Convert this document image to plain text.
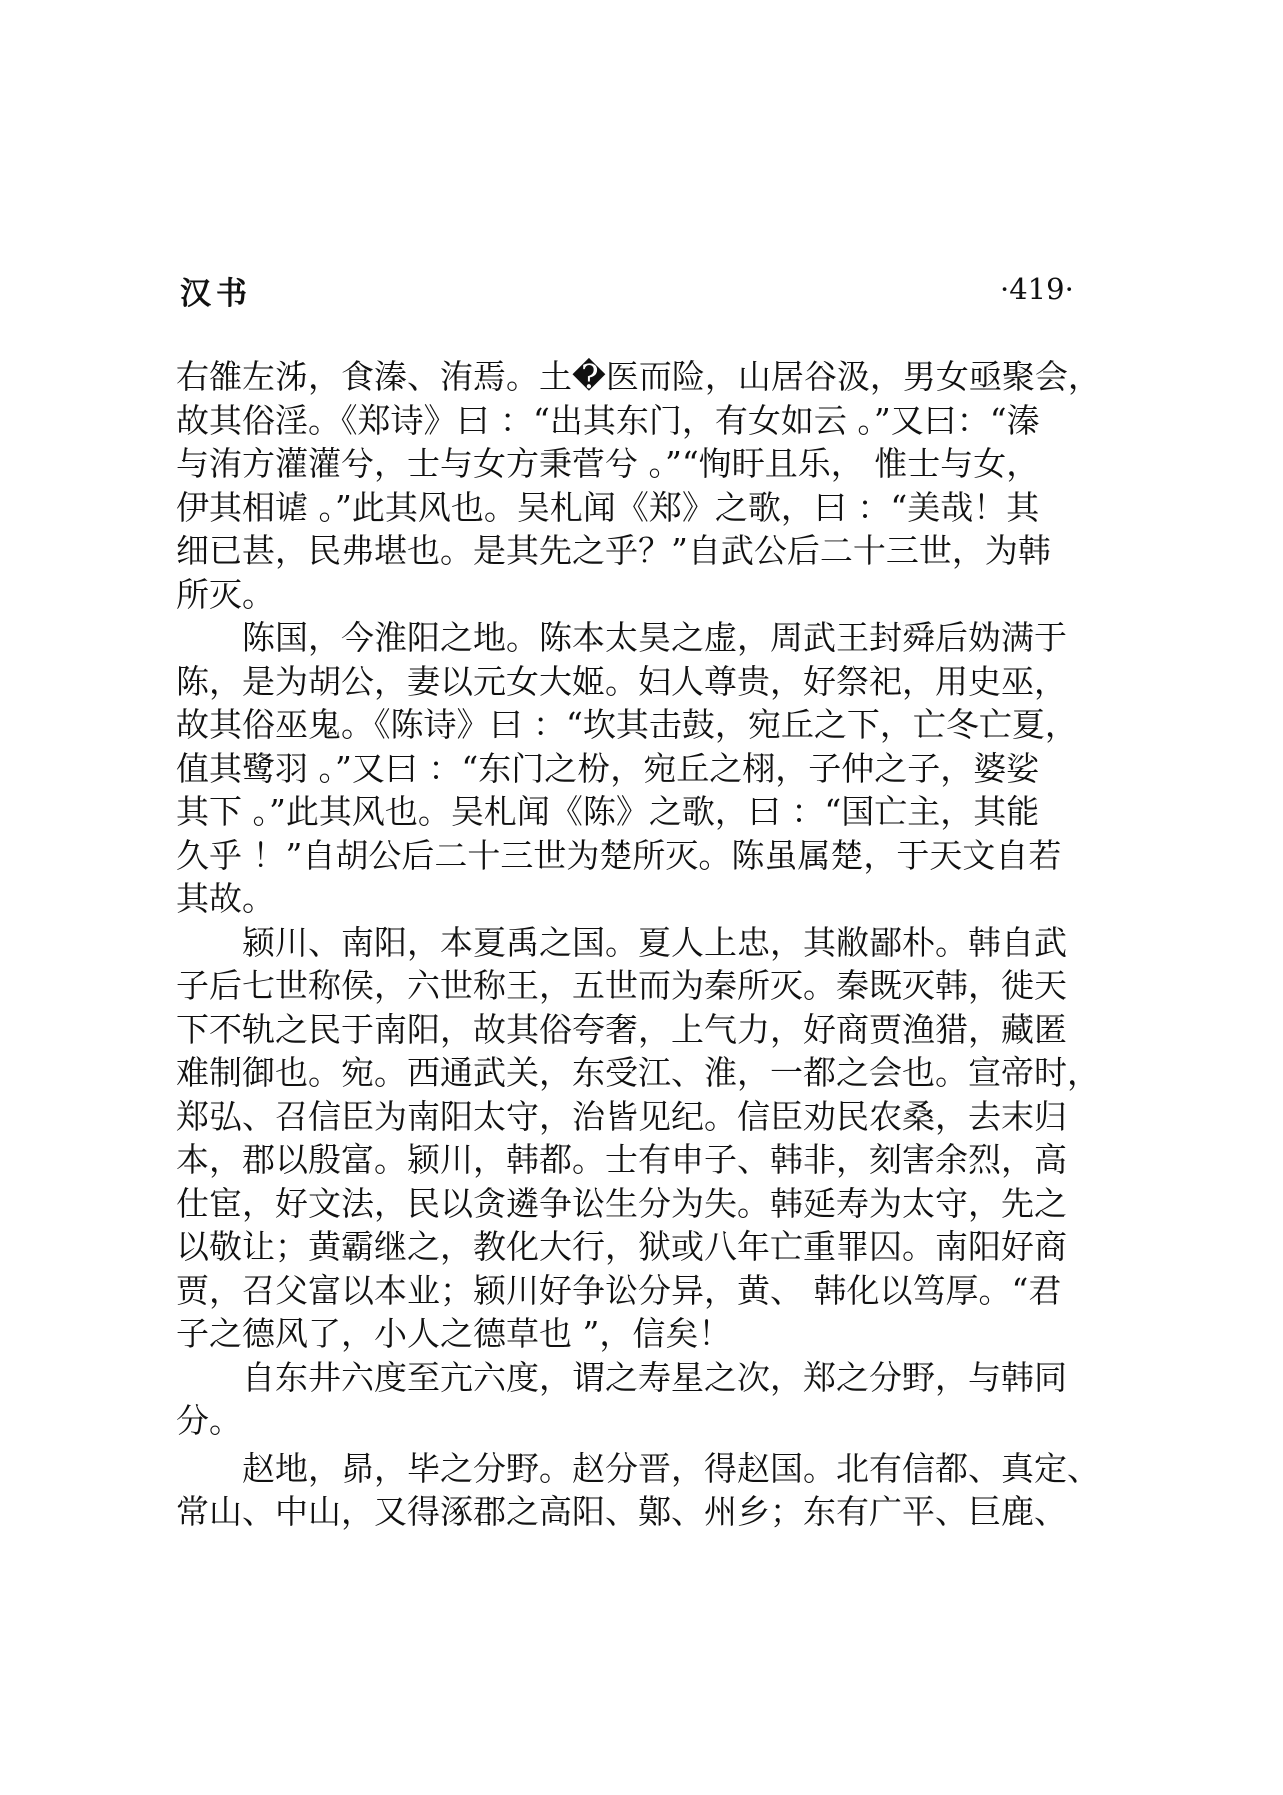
汉书	·419·
右雒左泲，食溱、洧焉。土�医而险，山居谷汲，男女亟聚会，
故其俗淫。《郑诗》曰 ：“出其东门，有女如云 。”又曰：“溱
与洧方灌灌兮，士与女方秉菅兮 。”“恂盱且乐， 惟士与女，
伊其相谑 。”此其风也。吴札闻《郑》之歌，曰 ：“美哉！其
细已甚，民弗堪也。是其先之乎？”自武公后二十三世，为韩
所灭。
陈国，今淮阳之地。陈本太昊之虚，周武王封舜后妫满于
陈，是为胡公，妻以元女大姬。妇人尊贵，好祭祀，用史巫，
故其俗巫鬼。《陈诗》曰 ：“坎其击鼓，宛丘之下，亡冬亡夏，
值其鹭羽 。”又曰 ：“东门之枌，宛丘之栩，子仲之子，婆娑
其下 。”此其风也。吴札闻《陈》之歌，曰 ：“国亡主，其能
久乎 ！”自胡公后二十三世为楚所灭。陈虽属楚，于天文自若
其故。
颍川、南阳，本夏禹之国。夏人上忠，其敝鄙朴。韩自武
子后七世称侯，六世称王，五世而为秦所灭。秦既灭韩，徙天
下不轨之民于南阳，故其俗夸奢，上气力，好商贾渔猎，藏匿
难制御也。宛。西通武关，东受江、淮，一都之会也。宣帝时，
郑弘、召信臣为南阳太守，治皆见纪。信臣劝民农桑，去末归
本，郡以殷富。颍川，韩都。士有申子、韩非，刻害余烈，高
仕宦，好文法，民以贪遴争讼生分为失。韩延寿为太守，先之
以敬让；黄霸继之，教化大行，狱或八年亡重罪囚。南阳好商
贾，召父富以本业；颍川好争讼分异，黄、 韩化以笃厚。“君
子之德风了，小人之德草也 ”，信矣！
自东井六度至亢六度，谓之寿星之次，郑之分野，与韩同
分。
赵地，昴，毕之分野。赵分晋，得赵国。北有信都、真定、
常山、中山，又得涿郡之高阳、鄚、州乡；东有广平、巨鹿、
